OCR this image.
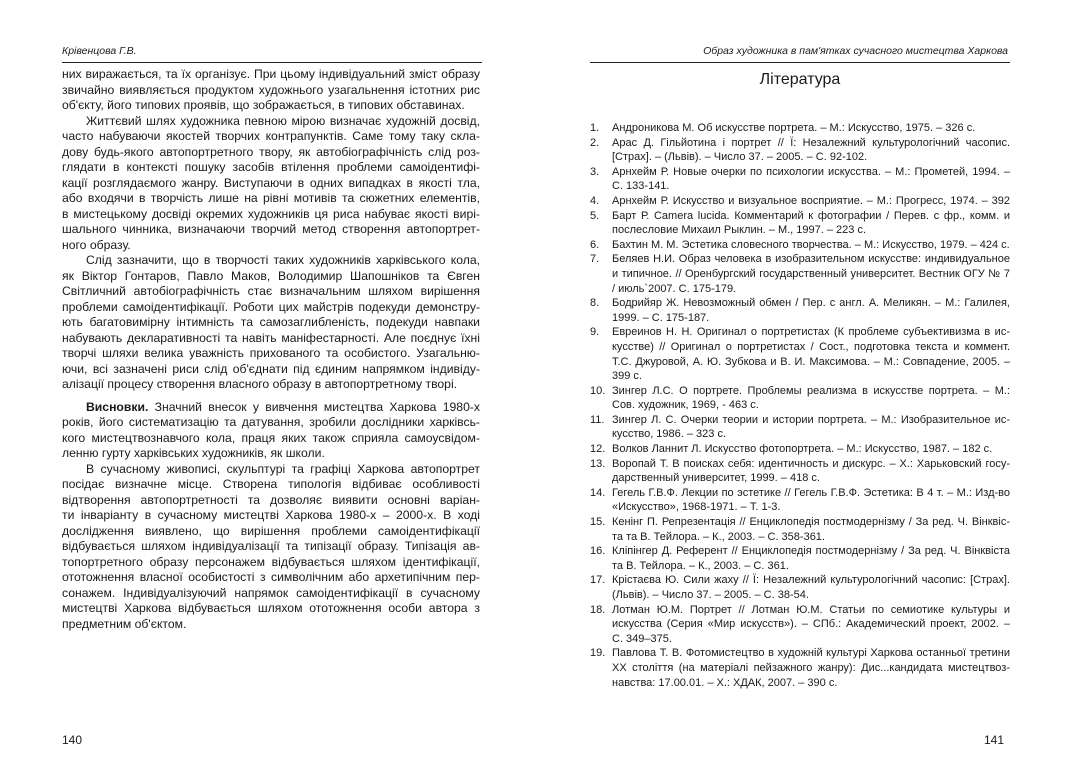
Крівенцова Г.В.
них виражається, та їх організує. При цьому індивідуальний зміст образу
звичайно виявляється продуктом художнього узагальнення істотних рис
об'єкту, його типових проявів, що зображається, в типових обставинах.
Життєвий шлях художника певною мірою визначає художній досвід,
часто набуваючи якостей творчих контрапунктів. Саме тому таку скла-
дову будь-якого автопортретного твору, як автобіографічність слід роз-
глядати в контексті пошуку засобів втілення проблеми самоідентифі-
кації розглядаємого жанру. Виступаючи в одних випадках в якості тла,
або входячи в творчість лише на рівні мотивів та сюжетних елементів,
в мистецькому досвіді окремих художників ця риса набуває якості вирі-
шального чинника, визначаючи творчий метод створення автопортрет-
ного образу.
Слід зазначити, що в творчості таких художників харківського кола,
як Віктор Гонтаров, Павло Маков, Володимир Шапошніков та Євген
Світличний автобіографічність стає визначальним шляхом вирішення
проблеми самоідентифікації. Роботи цих майстрів подекуди демонстру-
ють багатовимірну інтимність та самозаглибленість, подекуди навпаки
набувають декларативності та навіть маніфестарності. Але поєднує їхні
творчі шляхи велика уважність прихованого та особистого. Узагальню-
ючи, всі зазначені риси слід об'єднати під єдиним напрямком індивіду-
алізації процесу створення власного образу в автопортретному творі.
Висновки. Значний внесок у вивчення мистецтва Харкова 1980-х
років, його систематизацію та датування, зробили дослідники харківсь-
кого мистецтвознавчого кола, праця яких також сприяла самоусвідом-
ленню гурту харківських художників, як школи.
В сучасному живописі, скульптурі та графіці Харкова автопортрет
посідає визначне місце. Створена типологія відбиває особливості
відтворення автопортретності та дозволяє виявити основні варіан-
ти інваріанту в сучасному мистецтві Харкова 1980-х – 2000-х. В ході
дослідження виявлено, що вирішення проблеми самоідентифікації
відбувається шляхом індивідуалізації та типізації образу. Типізація ав-
топортретного образу персонажем відбувається шляхом ідентифікації,
ототожнення власної особистості з символічним або архетипічним пер-
сонажем. Індивідуалізуючий напрямок самоідентифікації в сучасному
мистецтві Харкова відбувається шляхом ототожнення особи автора з
предметним об'єктом.
140
Образ художника в пам'ятках сучасного мистецтва Харкова
Література
1.	Андроникова М. Об искусстве портрета. – М.: Искусство, 1975. – 326 с.
2.	Арас Д. Гільйотина і портрет // Ї: Незалежний культурологічний часопис.
[Страх]. – (Львів). – Число 37. – 2005. – С. 92-102.
3.	Арнхейм Р. Новые очерки по психологии искусства. – М.: Прометей, 1994. –
С. 133-141.
4.	Арнхейм Р. Искусство и визуальное восприятие. – М.: Прогресс, 1974. – 392
5.	Барт Р. Camera lucida. Комментарий к фотографии / Перев. с фр., комм. и
послесловие Михаил Рыклин. – М., 1997. – 223 с.
6.	Бахтин М. М. Эстетика словесного творчества. – М.: Искусство, 1979. – 424 с.
7.	Беляев Н.И. Образ человека в изобразительном искусстве: индивидуальное
и типичное. // Оренбургский государственный университет. Вестник ОГУ № 7
/ июль`2007. С. 175-179.
8.	Бодрийяр Ж. Невозможный обмен / Пер. с англ. А. Меликян. – М.: Галилея,
1999. – С. 175-187.
9.	Евреинов Н. Н. Оригинал о портретистах (К проблеме субъективизма в ис-
кусстве) // Оригинал о портретистах / Сост., подготовка текста и коммент.
Т.С. Джуровой, А. Ю. Зубкова и В. И. Максимова. – М.: Совпадение, 2005. –
399 с.
10. Зингер Л.С. О портрете. Проблемы реализма в искусстве портрета. – М.:
Сов. художник, 1969, - 463 с.
11. Зингер Л. С. Очерки теории и истории портрета. – М.: Изобразительное ис-
кусство, 1986. – 323 с.
12. Волков Ланнит Л. Искусство фотопортрета. – М.: Искусство, 1987. – 182 с.
13. Воропай Т. В поисках себя: идентичность и дискурс. – Х.: Харьковский госу-
дарственный университет, 1999. – 418 с.
14. Гегель Г.В.Ф. Лекции по эстетике // Гегель Г.В.Ф. Эстетика: В 4 т. – М.: Изд-во
«Искусство», 1968-1971. – Т. 1-3.
15. Кенінг П. Репрезентація // Енциклопедія постмодернізму / За ред. Ч. Вінквіс-
та та В. Тейлора. – К., 2003. – С. 358-361.
16. Кліпінгер Д. Референт // Енциклопедія постмодернізму / За ред. Ч. Вінквіста
та В. Тейлора. – К., 2003. – С. 361.
17. Крістаєва Ю. Сили жаху // Ї: Незалежний культурологічний часопис: [Страх].
(Львів). – Число 37. – 2005. – С. 38-54.
18. Лотман Ю.М. Портрет // Лотман Ю.М. Статьи по семиотике культуры и
искусства (Серия «Мир искусств»). – СПб.: Академический проект, 2002. –
С. 349–375.
19. Павлова Т. В. Фотомистецтво в художній культурі Харкова останньої третини
ХХ століття (на матеріалі пейзажного жанру): Дис...кандидата мистецтвоз-
навства: 17.00.01. – Х.: ХДАК, 2007. – 390 с.
141
